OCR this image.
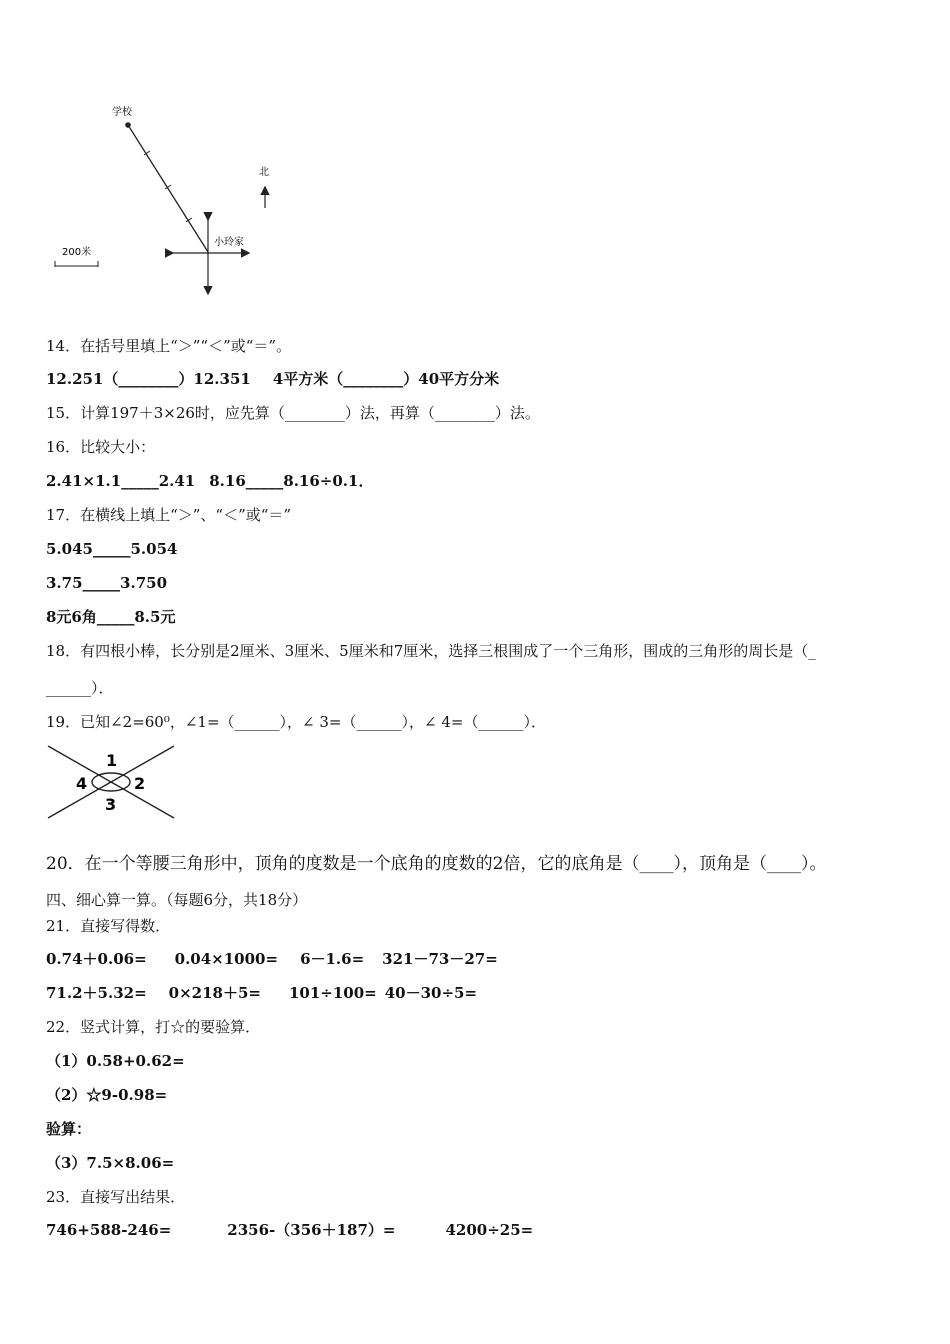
学校
小玲家
北
200米
14．在括号里填上“＞”“＜”或“＝”。
12.251（________）12.351 4平方米（________）40平方分米
15．计算197＋3×26时，应先算（________）法，再算（________）法。
16．比较大小：
2.41×1.1_____2.41 8.16_____8.16÷0.1．
17．在横线上填上“＞”、“＜”或“＝”
5.045_____5.054
3.75_____3.750
8元6角_____8.5元
18．有四根小棒，长分别是2厘米、3厘米、5厘米和7厘米，选择三根围成了一个三角形，围成的三角形的周长是（_
______）．
19．已知∠2=60⁰，∠1=（______），∠ 3=（______），∠ 4=（______）．
1
2
3
4
20．在一个等腰三角形中，顶角的度数是一个底角的度数的2倍，它的底角是（____），顶角是（____）。
四、细心算一算。（每题6分，共18分）
21．直接写得数．
0.74＋0.06= 0.04×1000= 6－1.6= 321－73－27=
71.2＋5.32= 0×218＋5= 101÷100= 40－30÷5=
22．竖式计算，打☆的要验算．
（1）0.58+0.62=
（2）☆9-0.98=
验算：
（3）7.5×8.06=
23．直接写出结果．
746+588-246=	2356-（356＋187）=	4200÷25=
